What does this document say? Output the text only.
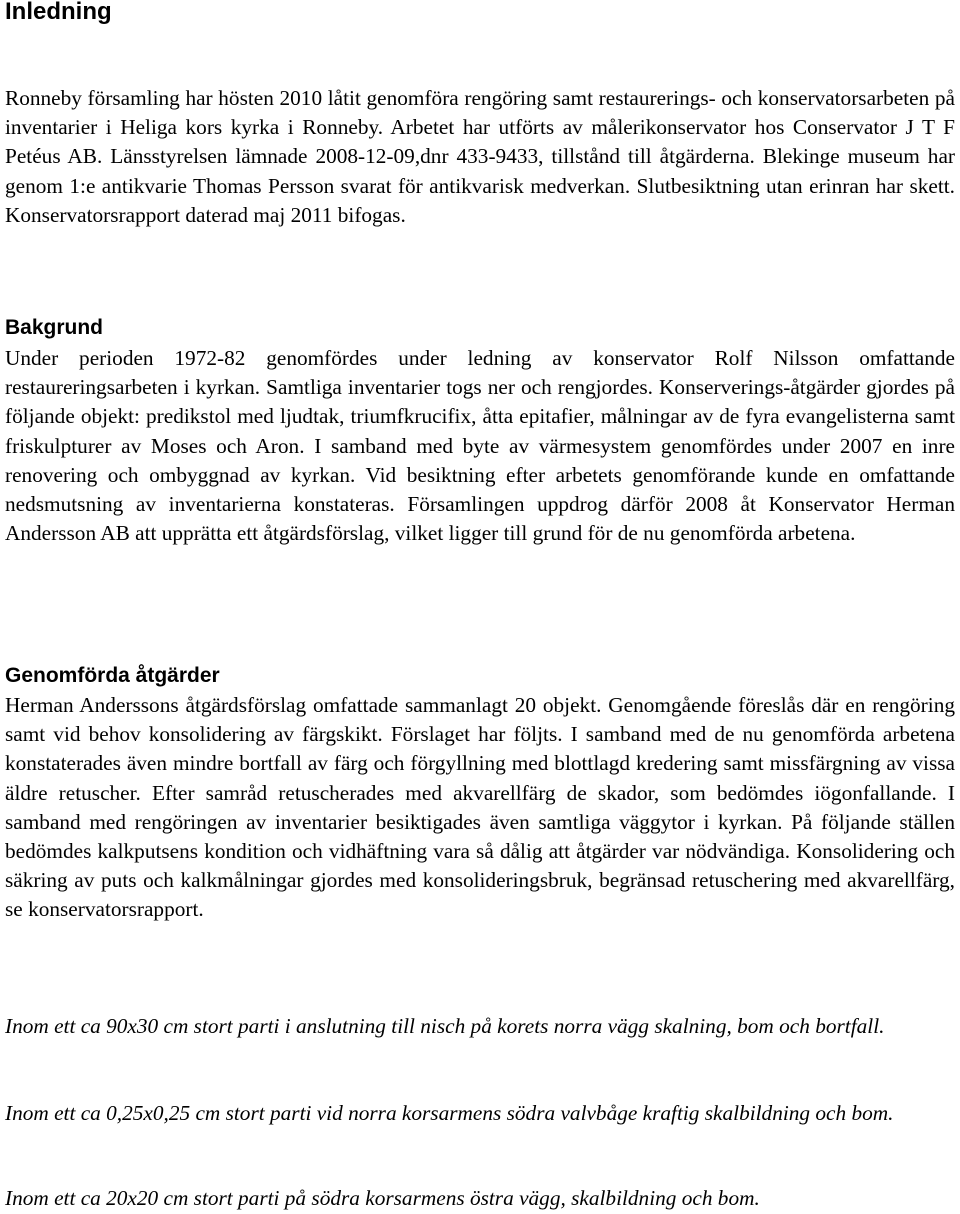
Inledning

Ronneby församling har hösten 2010 låtit genomföra rengöring samt restaurerings- och konservatorsarbeten på inventarier i Heliga kors kyrka i Ronneby. Arbetet har utförts av målerikonservator hos Conservator J T F Petéus AB. Länsstyrelsen lämnade 2008-12-09,dnr 433-9433, tillstånd till åtgärderna. Blekinge museum har genom 1:e antikvarie Thomas Persson svarat för antikvarisk medverkan. Slutbesiktning utan erinran har skett. Konservatorsrapport daterad maj 2011 bifogas.

Bakgrund

Under perioden 1972-82 genomfördes under ledning av konservator Rolf Nilsson omfattande restaureringsarbeten i kyrkan. Samtliga inventarier togs ner och rengjordes. Konserverings-åtgärder gjordes på följande objekt: predikstol med ljudtak, triumfkrucifix, åtta epitafier, målningar av de fyra evangelisterna samt friskulpturer av Moses och Aron. I samband med byte av värmesystem genomfördes under 2007 en inre renovering och ombyggnad av kyrkan. Vid besiktning efter arbetets genomförande kunde en omfattande nedsmutsning av inventarierna konstateras. Församlingen uppdrog därför 2008 åt Konservator Herman Andersson AB att upprätta ett åtgärdsförslag, vilket ligger till grund för de nu genomförda arbetena.

Genomförda åtgärder

Herman Anderssons åtgärdsförslag omfattade sammanlagt 20 objekt. Genomgående föreslås där en rengöring samt vid behov konsolidering av färgskikt. Förslaget har följts. I samband med de nu genomförda arbetena konstaterades även mindre bortfall av färg och förgyllning med blottlagd kredering samt missfärgning av vissa äldre retuscher. Efter samråd retuscherades med akvarellfärg de skador, som bedömdes iögonfallande. I samband med rengöringen av inventarier besiktigades även samtliga väggytor i kyrkan. På följande ställen bedömdes kalkputsens kondition och vidhäftning vara så dålig att åtgärder var nödvändiga. Konsolidering och säkring av puts och kalkmålningar gjordes med konsolideringsbruk, begränsad retuschering med akvarellfärg, se konservatorsrapport.

Inom ett ca 90x30 cm stort parti i anslutning till nisch på korets norra vägg skalning, bom och bortfall.

Inom ett ca 0,25x0,25 cm stort parti vid norra korsarmens södra valvbåge kraftig skalbildning och bom.

Inom ett ca 20x20 cm stort parti på södra korsarmens östra vägg, skalbildning och bom.
